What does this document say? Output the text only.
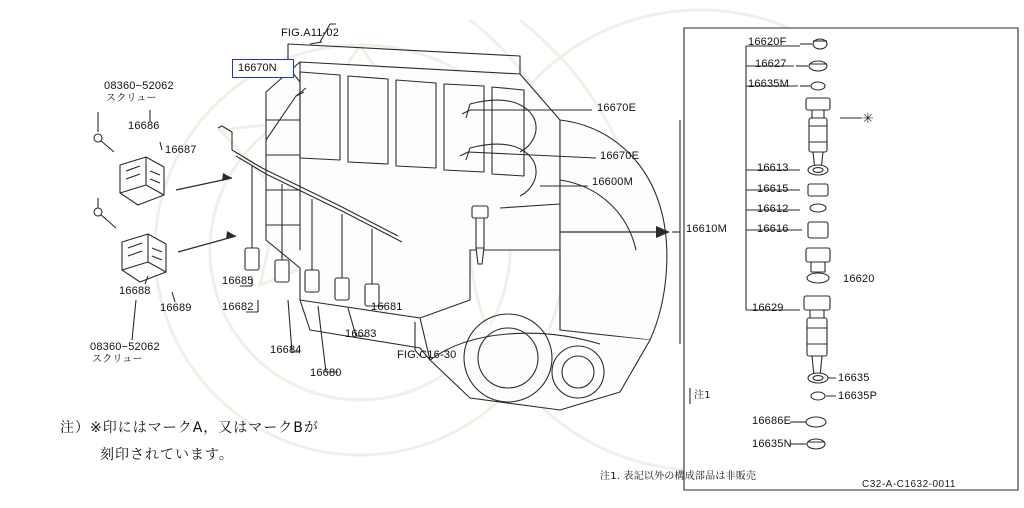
✳
16670N
FIG.A11-02
FIG.C16-30
08360−52062
スクリュー
16686
16687
16688
16689
08360−52062
スクリュー
16685
16682
16684
16680
16683
16681
16670E
16670E
16600M
16610M
16620F
16627
16635M
16613
16615
16612
16616
16620
16629
16635
16635P
注1
16686E
16635N
注）※印にはマークA，又はマークBが
刻印されています。
注1. 表記以外の構成部品は非販売
C32-A-C1632-0011
